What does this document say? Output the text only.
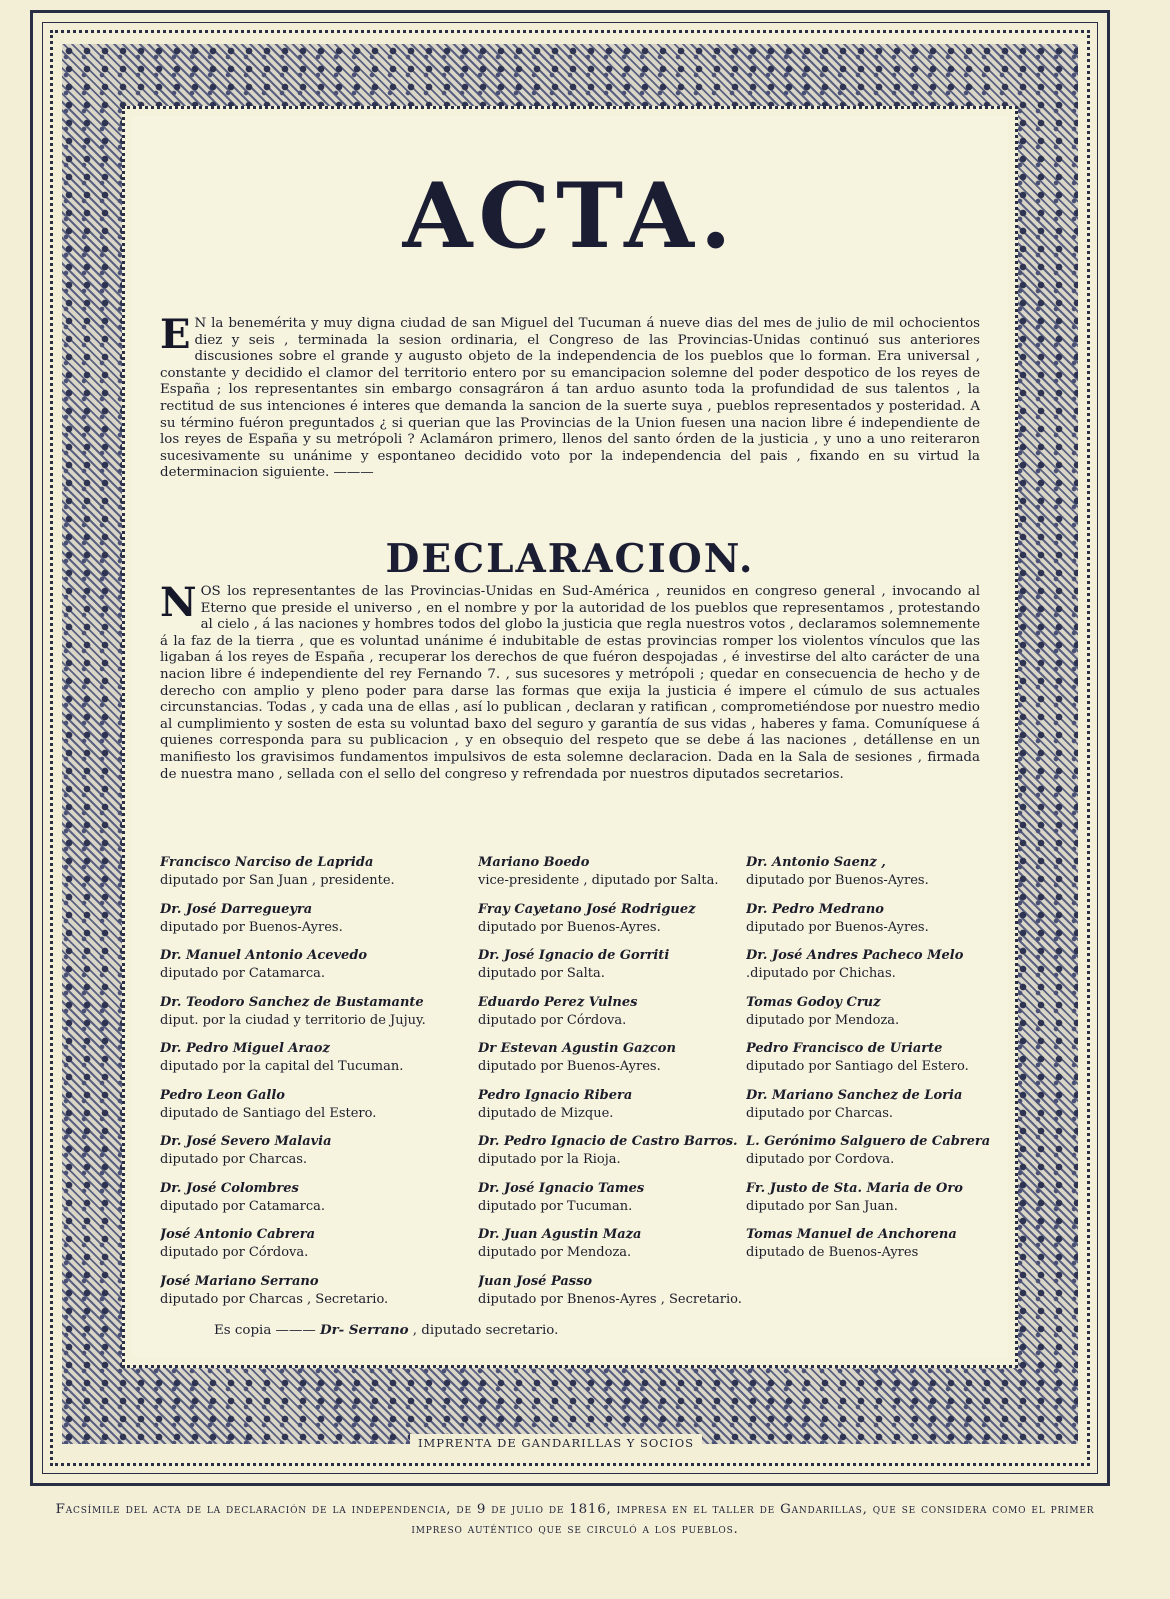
ACTA.
E N la benemérita y muy digna ciudad de san Miguel del Tucuman á nueve dias del mes de julio de mil ochocientos diez y seis , terminada la sesion ordinaria, el Congreso de las Provincias-Unidas continuó sus anteriores discusiones sobre el grande y augusto objeto de la independencia de los pueblos que lo forman. Era universal , constante y decidido el clamor del territorio entero por su emancipacion solemne del poder despotico de los reyes de España ; los representantes sin embargo consagráron á tan arduo asunto toda la profundidad de sus talentos , la rectitud de sus intenciones é interes que demanda la sancion de la suerte suya , pueblos representados y posteridad. A su término fuéron preguntados ¿ si querian que las Provincias de la Union fuesen una nacion libre é independiente de los reyes de España y su metrópoli ? Aclamáron primero, llenos del santo órden de la justicia , y uno a uno reiteraron sucesivamente su unánime y espontaneo decidido voto por la independencia del pais , fixando en su virtud la determinacion siguiente. ———
DECLARACION.
NOS los representantes de las Provincias-Unidas en Sud-América , reunidos en congreso general , invocando al Eterno que preside el universo , en el nombre y por la autoridad de los pueblos que representamos , protestando al cielo , á las naciones y hombres todos del globo la justicia que regla nuestros votos , declaramos solemnemente á la faz de la tierra , que es voluntad unánime é indubitable de estas provincias romper los violentos vínculos que las ligaban á los reyes de España , recuperar los derechos de que fuéron despojadas , é investirse del alto carácter de una nacion libre é independiente del rey Fernando 7. , sus sucesores y metrópoli ; quedar en consecuencia de hecho y de derecho con amplio y pleno poder para darse las formas que exija la justicia é impere el cúmulo de sus actuales circunstancias. Todas , y cada una de ellas , así lo publican , declaran y ratifican , comprometiéndose por nuestro medio al cumplimiento y sosten de esta su voluntad baxo del seguro y garantía de sus vidas , haberes y fama. Comuníquese á quienes corresponda para su publicacion , y en obsequio del respeto que se debe á las naciones , detállense en un manifiesto los gravisimos fundamentos impulsivos de esta solemne declaracion. Dada en la Sala de sesiones , firmada de nuestra mano , sellada con el sello del congreso y refrendada por nuestros diputados secretarios.
Francisco Narciso de Laprida
diputado por San Juan , presidente.
Mariano Boedo
vice-presidente , diputado por Salta.
Dr. Antonio Saenz ,
diputado por Buenos-Ayres.
Dr. José Darregueyra
diputado por Buenos-Ayres.
Fray Cayetano José Rodriguez
diputado por Buenos-Ayres.
Dr. Pedro Medrano
diputado por Buenos-Ayres.
Dr. Manuel Antonio Acevedo
diputado por Catamarca.
Dr. José Ignacio de Gorriti
diputado por Salta.
Dr. José Andres Pacheco Melo
.diputado por Chichas.
Dr. Teodoro Sanchez de Bustamante
diput. por la ciudad y territorio de Jujuy.
Eduardo Perez Vulnes
diputado por Córdova.
Tomas Godoy Cruz
diputado por Mendoza.
Dr. Pedro Miguel Araoz
diputado por la capital del Tucuman.
Dr Estevan Agustin Gazcon
diputado por Buenos-Ayres.
Pedro Francisco de Uriarte
diputado por Santiago del Estero.
Pedro Leon Gallo
diputado de Santiago del Estero.
Pedro Ignacio Ribera
diputado de Mizque.
Dr. Mariano Sanchez de Loria
diputado por Charcas.
Dr. José Severo Malavia
diputado por Charcas.
Dr. Pedro Ignacio de Castro Barros.
diputado por la Rioja.
L. Gerónimo Salguero de Cabrera
diputado por Cordova.
Dr. José Colombres
diputado por Catamarca.
Dr. José Ignacio Tames
diputado por Tucuman.
Fr. Justo de Sta. Maria de Oro
diputado por San Juan.
José Antonio Cabrera
diputado por Córdova.
Dr. Juan Agustin Maza
diputado por Mendoza.
Tomas Manuel de Anchorena
diputado de Buenos-Ayres
José Mariano Serrano
diputado por Charcas , Secretario.
Juan José Passo
diputado por Bnenos-Ayres , Secretario.
Es copia ——— Dr- Serrano , diputado secretario.
IMPRENTA DE GANDARILLAS Y SOCIOS
Facsímile del acta de la declaración de la independencia, de 9 de julio de 1816, impresa en el taller de Gandarillas, que se considera como el primer impreso auténtico que se circuló a los pueblos.
